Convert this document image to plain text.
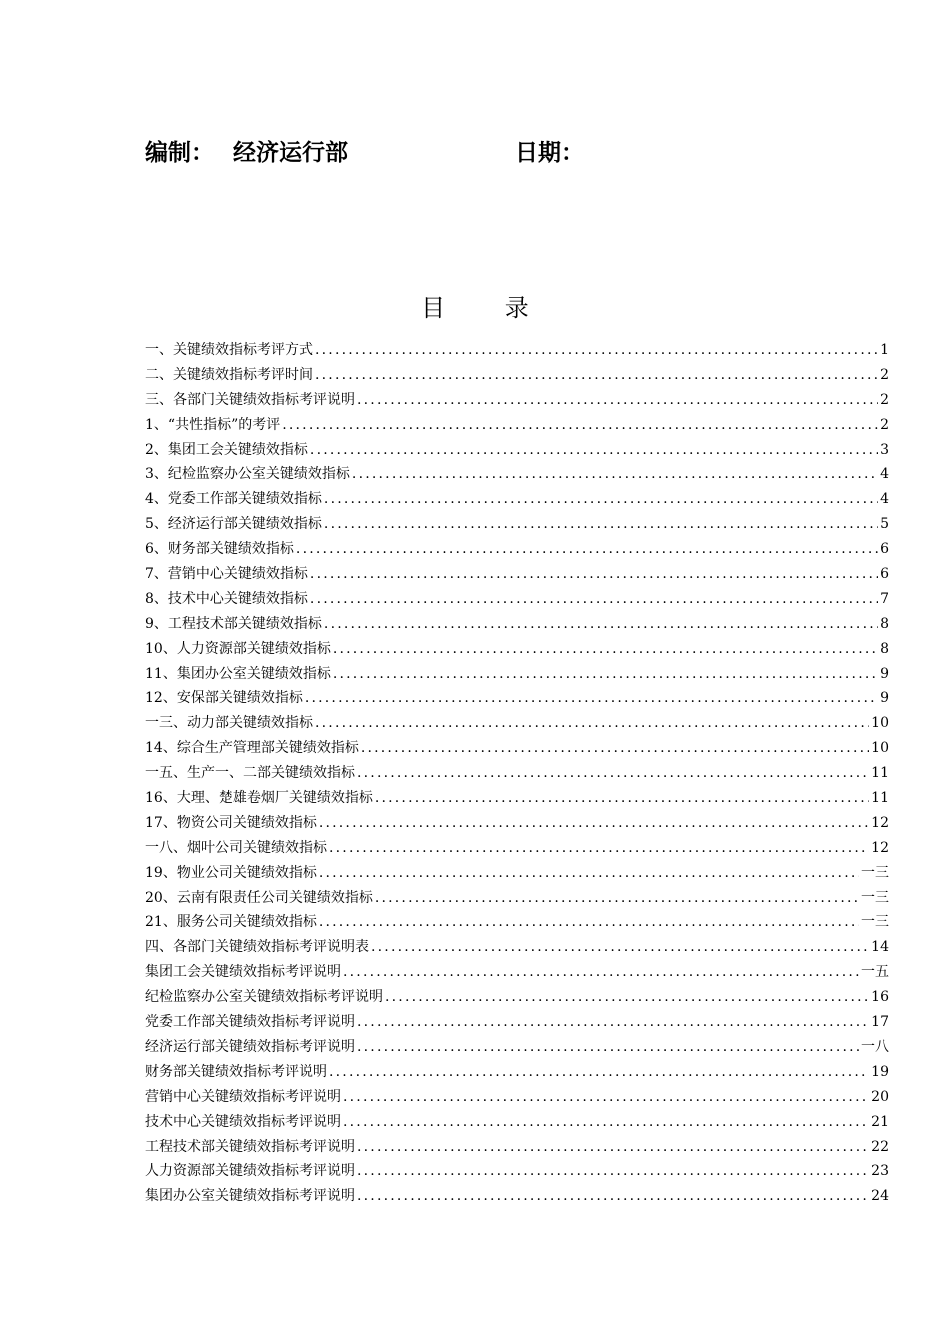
编制： 经济运行部	日期：
目 录
一、关键绩效指标考评方式 .....	1
二、关键绩效指标考评时间 .....	2
三、各部门关键绩效指标考评说明 .....	2
1、“共性指标”的考评 .....	2
2、集团工会关键绩效指标 .....	3
3、纪检监察办公室关键绩效指标 .....	4
4、党委工作部关键绩效指标 .....	4
5、经济运行部关键绩效指标 .....	5
6、财务部关键绩效指标 .....	6
7、营销中心关键绩效指标 .....	6
8、技术中心关键绩效指标 .....	7
9、工程技术部关键绩效指标 .....	8
10、人力资源部关键绩效指标 .....	8
11、集团办公室关键绩效指标 .....	9
12、安保部关键绩效指标 .....	9
一三、动力部关键绩效指标 .....	10
14、综合生产管理部关键绩效指标 .....	10
一五、生产一、二部关键绩效指标 .....	11
16、大理、楚雄卷烟厂关键绩效指标 .....	11
17、物资公司关键绩效指标 .....	12
一八、烟叶公司关键绩效指标 .....	12
19、物业公司关键绩效指标 .....	一三
20、云南有限责任公司关键绩效指标 .....	一三
21、服务公司关键绩效指标 .....	一三
四、各部门关键绩效指标考评说明表 .....	14
集团工会关键绩效指标考评说明 .....	一五
纪检监察办公室关键绩效指标考评说明 .....	16
党委工作部关键绩效指标考评说明 .....	17
经济运行部关键绩效指标考评说明 .....	一八
财务部关键绩效指标考评说明 .....	19
营销中心关键绩效指标考评说明 .....	20
技术中心关键绩效指标考评说明 .....	21
工程技术部关键绩效指标考评说明 .....	22
人力资源部关键绩效指标考评说明 .....	23
集团办公室关键绩效指标考评说明 .....	24
